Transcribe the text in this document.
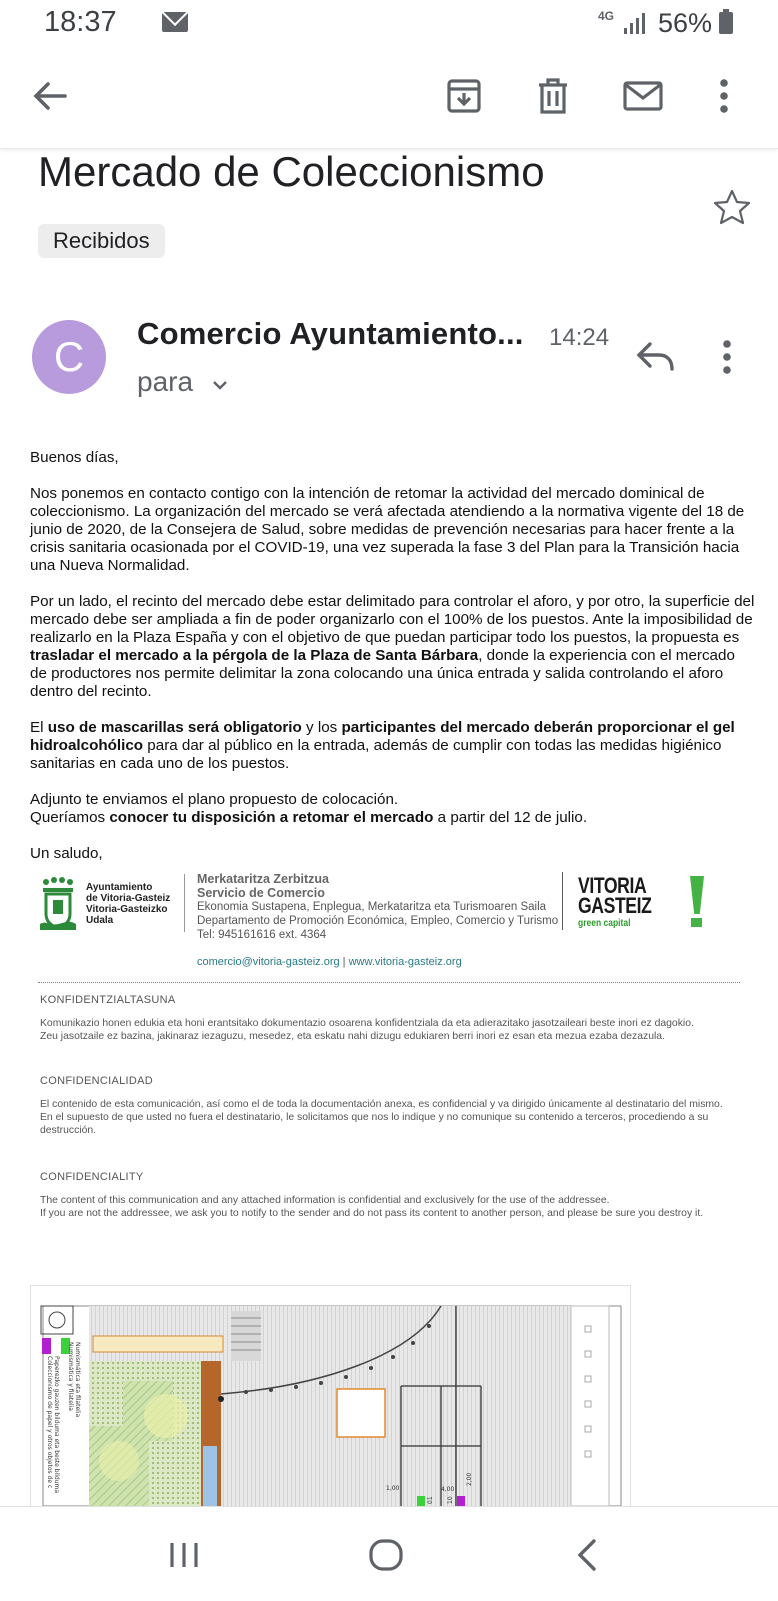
18:37	4G 56%
Mercado de Coleccionismo
Recibidos
C	Comercio Ayuntamiento... 14:24
para

Buenos días,

Nos ponemos en contacto contigo con la intención de retomar la actividad del mercado dominical de coleccionismo. La organización del mercado se verá afectada atendiendo a la normativa vigente del 18 de junio de 2020, de la Consejera de Salud, sobre medidas de prevención necesarias para hacer frente a la crisis sanitaria ocasionada por el COVID-19, una vez superada la fase 3 del Plan para la Transición hacia una Nueva Normalidad.

Por un lado, el recinto del mercado debe estar delimitado para controlar el aforo, y por otro, la superficie del mercado debe ser ampliada a fin de poder organizarlo con el 100% de los puestos. Ante la imposibilidad de realizarlo en la Plaza España y con el objetivo de que puedan participar todo los puestos, la propuesta es trasladar el mercado a la pérgola de la Plaza de Santa Bárbara, donde la experiencia con el mercado de productores nos permite delimitar la zona colocando una única entrada y salida controlando el aforo dentro del recinto.

El uso de mascarillas será obligatorio y los participantes del mercado deberán proporcionar el gel hidroalcohólico para dar al público en la entrada, además de cumplir con todas las medidas higiénico sanitarias en cada uno de los puestos.

Adjunto te enviamos el plano propuesto de colocación.
Queríamos conocer tu disposición a retomar el mercado a partir del 12 de julio.

Un saludo,

Ayuntamiento
de Vitoria-Gasteiz
Vitoria-Gasteizko
Udala
Merkataritza Zerbitzua
Servicio de Comercio
Ekonomia Sustapena, Enplegua, Merkataritza eta Turismoaren Saila
Departamento de Promoción Económica, Empleo, Comercio y Turismo
Tel: 945161616 ext. 4364
comercio@vitoria-gasteiz.org | www.vitoria-gasteiz.org
VITORIA
GASTEIZ
green capital
KONFIDENTZIALTASUNA
Komunikazio honen edukia eta honi erantsitako dokumentazio osoarena konfidentziala da eta adierazitako jasotzaileari beste inori ez dagokio.
Zeu jasotzaile ez bazina, jakinaraz iezaguzu, mesedez, eta eskatu nahi dizugu edukiaren berri inori ez esan eta mezua ezaba dezazula.
CONFIDENCIALIDAD
El contenido de esta comunicación, así como el de toda la documentación anexa, es confidencial y va dirigido únicamente al destinatario del mismo.
En el supuesto de que usted no fuera el destinatario, le solicitamos que nos lo indique y no comunique su contenido a terceros, procediendo a su destrucción.
CONFIDENCIALITY
The content of this communication and any attached information is confidential and exclusively for the use of the addressee.
If you are not the addressee, we ask you to notify to the sender and do not pass its content to another person, and please be sure you destroy it.
Numismática eta filatelia
Numismática y filatelia
Paperezko gauzen bilduma eta beste bilduma
Coleccionismo de papel y otros objetos de c
1,00	4,00
2,00
01 10
